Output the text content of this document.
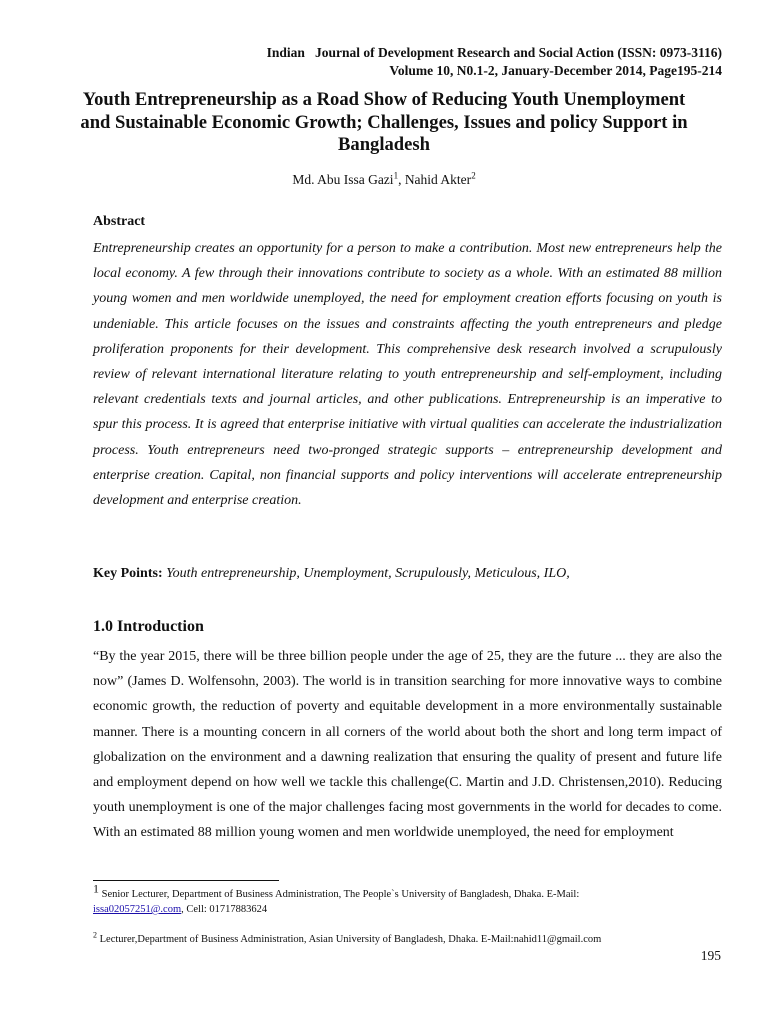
Indian   Journal of Development Research and Social Action (ISSN: 0973-3116)
Volume 10, N0.1-2, January-December 2014, Page195-214
Youth Entrepreneurship as a Road Show of Reducing Youth Unemployment and Sustainable Economic Growth; Challenges, Issues and policy Support in Bangladesh
Md. Abu Issa Gazi$^1$, Nahid Akter$^2$
Abstract

Entrepreneurship creates an opportunity for a person to make a contribution. Most new entrepreneurs help the local economy. A few through their innovations contribute to society as a whole. With an estimated 88 million young women and men worldwide unemployed, the need for employment creation efforts focusing on youth is undeniable. This article focuses on the issues and constraints affecting the youth entrepreneurs and pledge proliferation proponents for their development. This comprehensive desk research involved a scrupulously review of relevant international literature relating to youth entrepreneurship and self-employment, including relevant credentials texts and journal articles, and other publications. Entrepreneurship is an imperative to spur this process. It is agreed that enterprise initiative with virtual qualities can accelerate the industrialization process. Youth entrepreneurs need two-pronged strategic supports – entrepreneurship development and enterprise creation. Capital, non financial supports and policy interventions will accelerate entrepreneurship development and enterprise creation.

Key Points: Youth entrepreneurship, Unemployment, Scrupulously, Meticulous, ILO,
1.0 Introduction

“By the year 2015, there will be three billion people under the age of 25, they are the future ... they are also the now” (James D. Wolfensohn, 2003). The world is in transition searching for more innovative ways to combine economic growth, the reduction of poverty and equitable development in a more environmentally sustainable manner. There is a mounting concern in all corners of the world about both the short and long term impact of globalization on the environment and a dawning realization that ensuring the quality of present and future life and employment depend on how well we tackle this challenge(C. Martin and J.D. Christensen,2010). Reducing youth unemployment is one of the major challenges facing most governments in the world for decades to come. With an estimated 88 million young women and men worldwide unemployed, the need for employment

1 Senior Lecturer, Department of Business Administration, The People`s University of Bangladesh, Dhaka. E-Mail:
issa02057251@.com, Cell: 01717883624
$^2$ Lecturer,Department of Business Administration, Asian University of Bangladesh, Dhaka. E-Mail:nahid11@gmail.com
195
